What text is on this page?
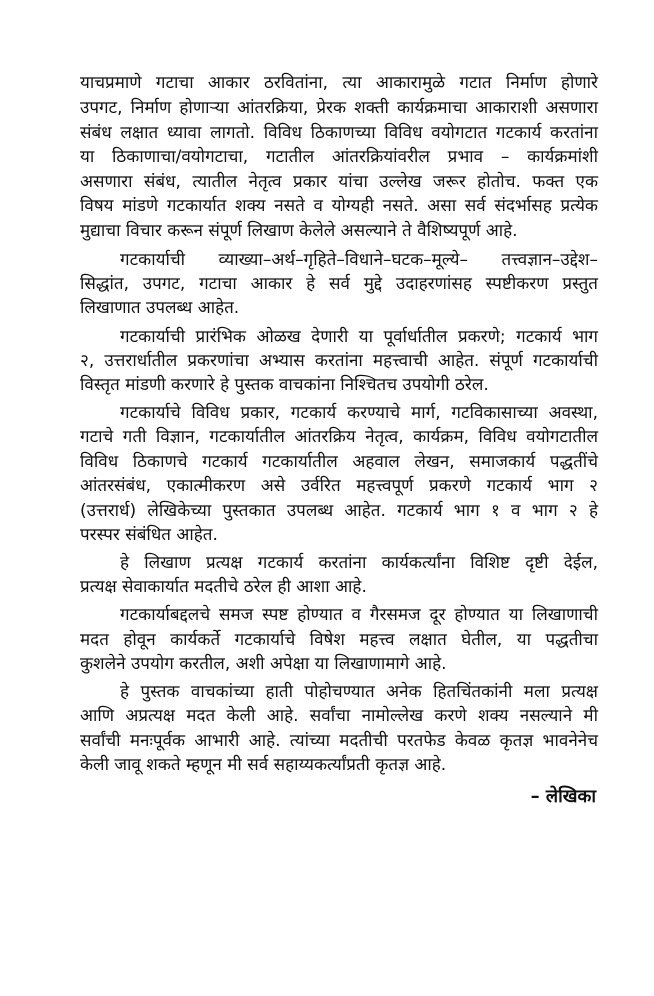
याचप्रमाणे गटाचा आकार ठरवितांना, त्या आकारामुळे गटात निर्माण होणारे
उपगट, निर्माण होणाऱ्या आंतरक्रिया, प्रेरक शक्ती कार्यक्रमाचा आकाराशी असणारा
संबंध लक्षात ध्यावा लागतो. विविध ठिकाणच्या विविध वयोगटात गटकार्य करतांना
या ठिकाणाचा/वयोगटाचा, गटातील आंतरक्रियांवरील प्रभाव – कार्यक्रमांशी
असणारा संबंध, त्यातील नेतृत्व प्रकार यांचा उल्लेख जरूर होतोच. फक्त एक
विषय मांडणे गटकार्यात शक्य नसते व योग्यही नसते. असा सर्व संदर्भासह प्रत्येक
मुद्याचा विचार करून संपूर्ण लिखाण केलेले असल्याने ते वैशिष्यपूर्ण आहे.
गटकार्याची व्याख्या–अर्थ–गृहिते–विधाने–घटक–मूल्ये– तत्त्वज्ञान–उद्देश–
सिद्धांत, उपगट, गटाचा आकार हे सर्व मुद्दे उदाहरणांसह स्पष्टीकरण प्रस्तुत
लिखाणात उपलब्ध आहेत.
गटकार्याची प्रारंभिक ओळख देणारी या पूर्वार्धातील प्रकरणे; गटकार्य भाग
२, उत्तरार्धातील प्रकरणांचा अभ्यास करतांना महत्त्वाची आहेत. संपूर्ण गटकार्याची
विस्तृत मांडणी करणारे हे पुस्तक वाचकांना निश्चितच उपयोगी ठरेल.
गटकार्याचे विविध प्रकार, गटकार्य करण्याचे मार्ग, गटविकासाच्या अवस्था,
गटाचे गती विज्ञान, गटकार्यातील आंतरक्रिय नेतृत्व, कार्यक्रम, विविध वयोगटातील
विविध ठिकाणचे गटकार्य गटकार्यातील अहवाल लेखन, समाजकार्य पद्धतींचे
आंतरसंबंध, एकात्मीकरण असे उर्वरित महत्त्वपूर्ण प्रकरणे गटकार्य भाग २
(उत्तरार्ध) लेखिकेच्या पुस्तकात उपलब्ध आहेत. गटकार्य भाग १ व भाग २ हे
परस्पर संबंधित आहेत.
हे लिखाण प्रत्यक्ष गटकार्य करतांना कार्यकर्त्यांना विशिष्ट दृष्टी देईल,
प्रत्यक्ष सेवाकार्यात मदतीचे ठरेल ही आशा आहे.
गटकार्याबद्दलचे समज स्पष्ट होण्यात व गैरसमज दूर होण्यात या लिखाणाची
मदत होवून कार्यकर्ते गटकार्याचे विषेश महत्त्व लक्षात घेतील, या पद्धतीचा
कुशलेने उपयोग करतील, अशी अपेक्षा या लिखाणामागे आहे.
हे पुस्तक वाचकांच्या हाती पोहोचण्यात अनेक हितचिंतकांनी मला प्रत्यक्ष
आणि अप्रत्यक्ष मदत केली आहे. सर्वांचा नामोल्लेख करणे शक्य नसल्याने मी
सर्वांची मनःपूर्वक आभारी आहे. त्यांच्या मदतीची परतफेड केवळ कृतज्ञ भावनेनेच
केली जावू शकते म्हणून मी सर्व सहाय्यकर्त्यांप्रती कृतज्ञ आहे.
– लेखिका
